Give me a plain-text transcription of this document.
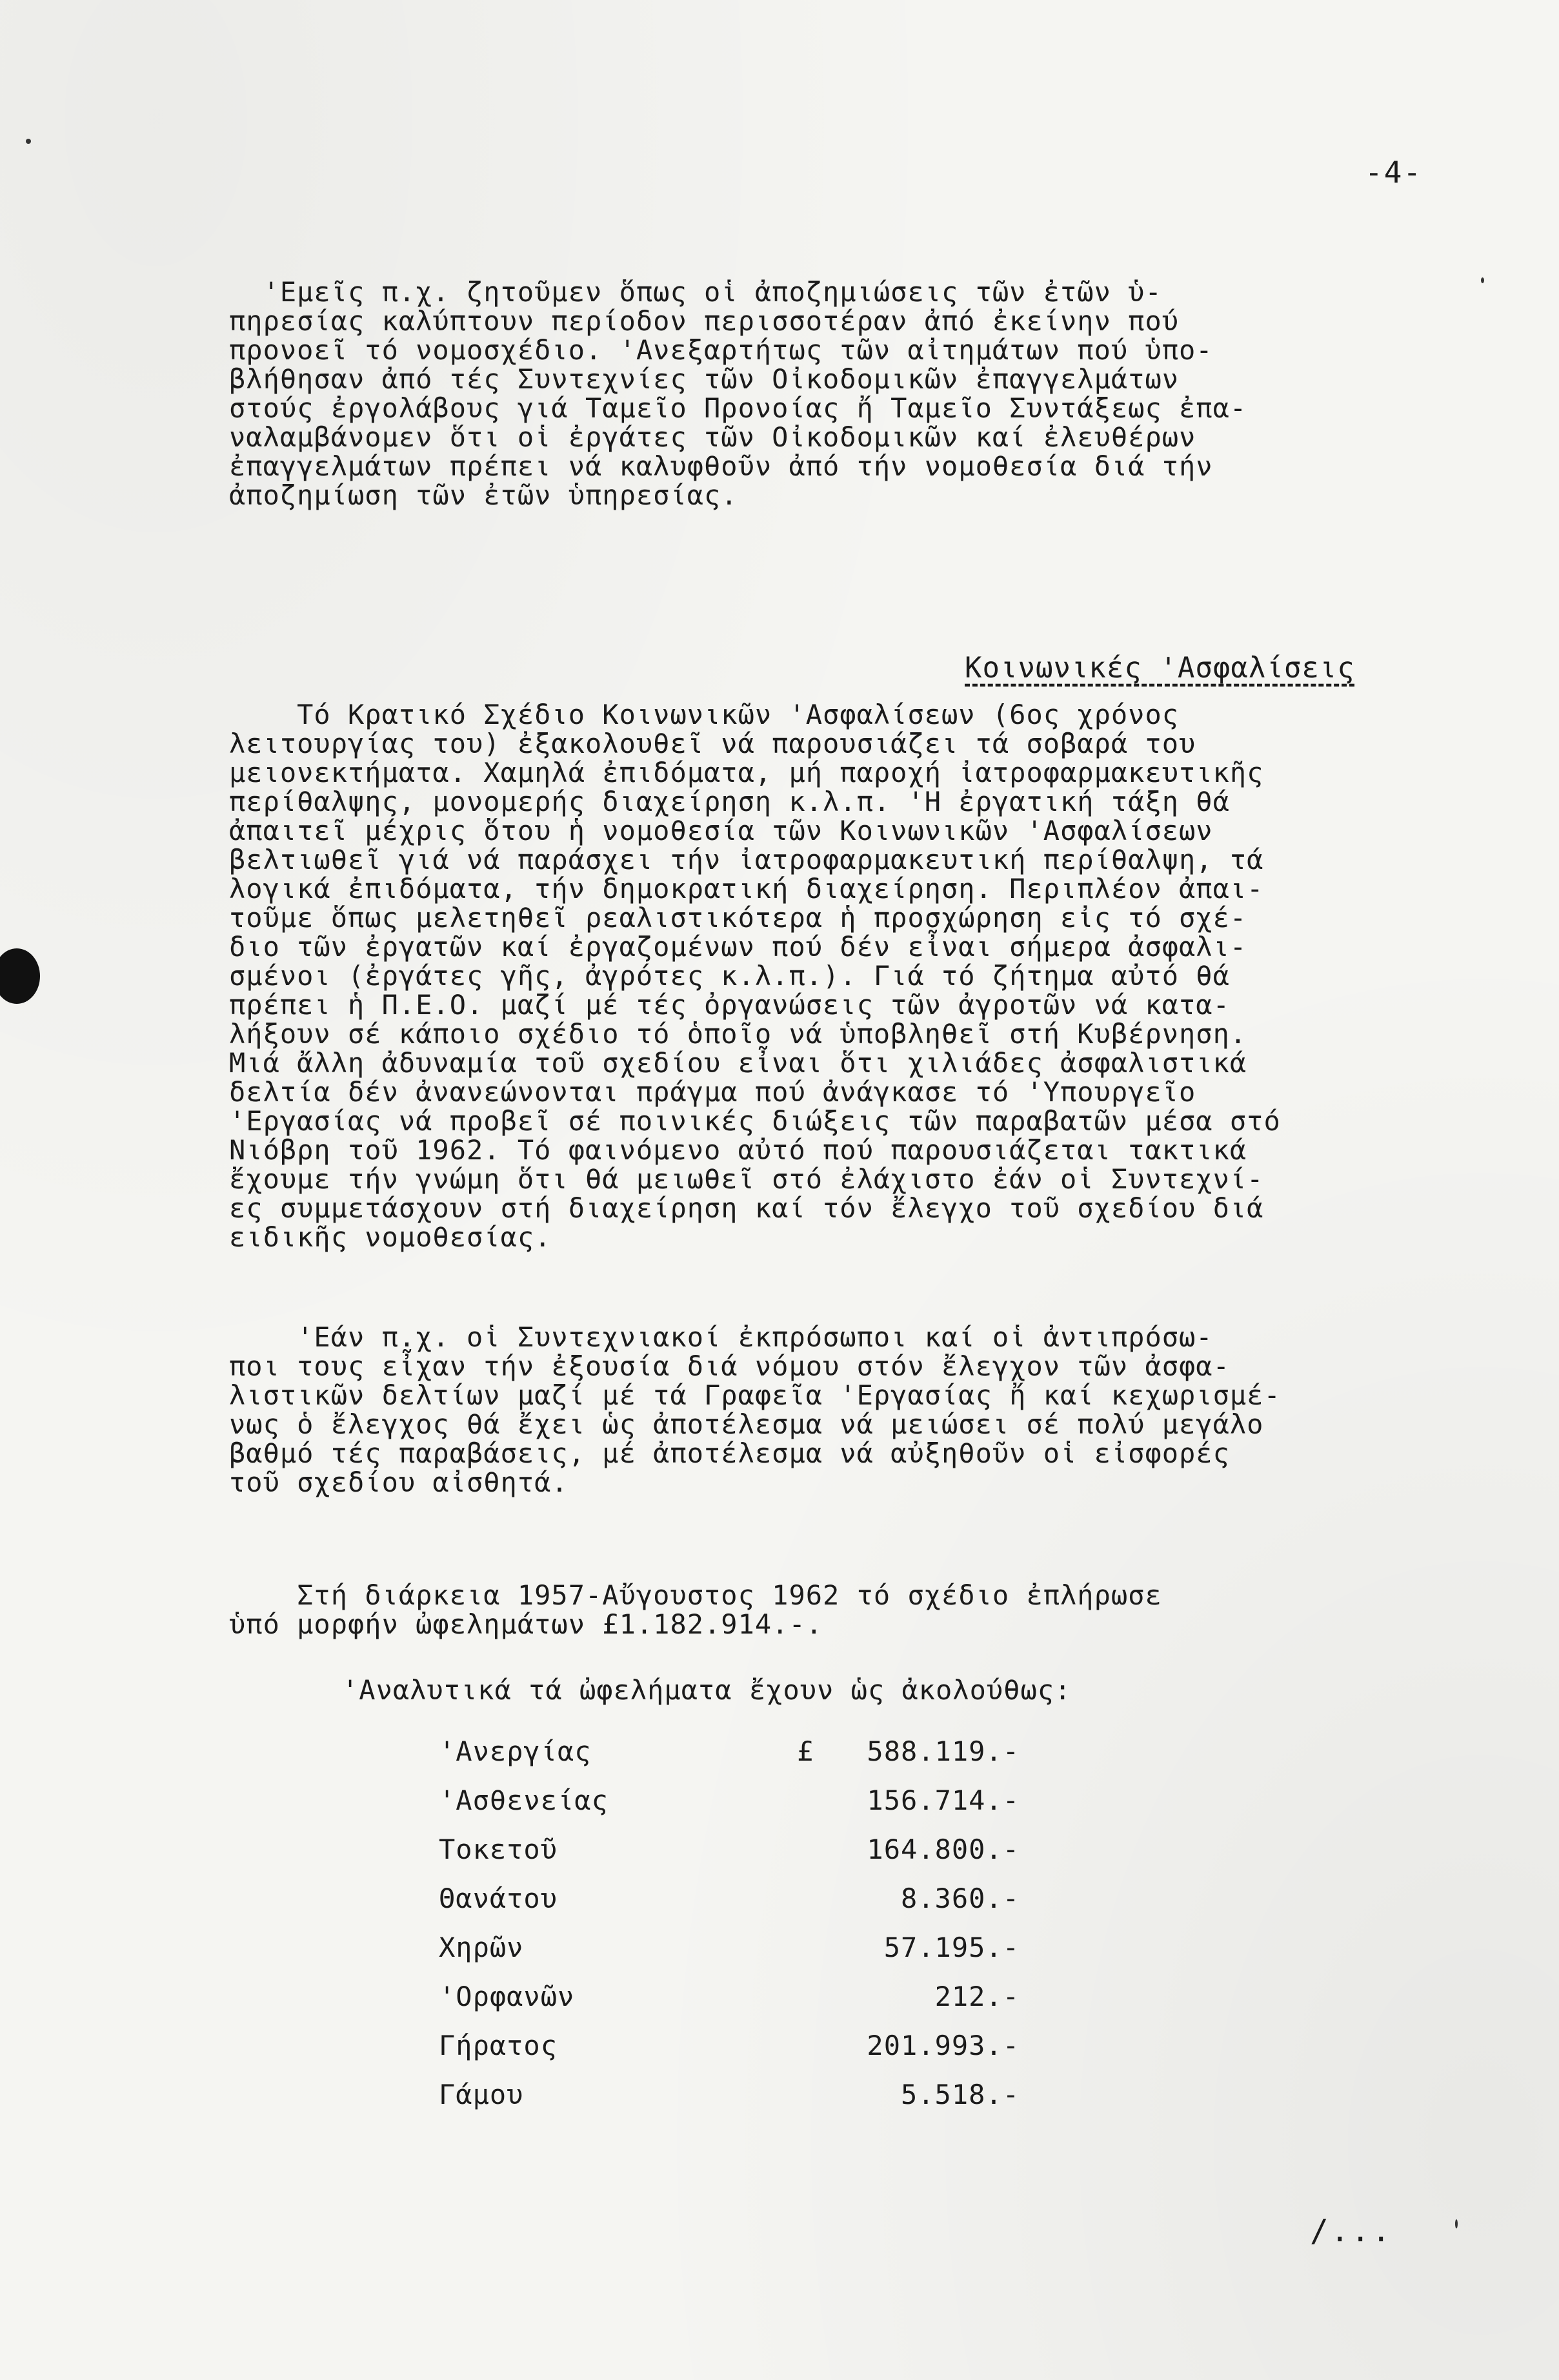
-4-
'Εμεῖς π.χ. ζητοῦμεν ὅπως οἱ ἀποζημιώσεις τῶν ἐτῶν ὑ-
πηρεσίας καλύπτουν περίοδον περισσοτέραν ἀπό ἐκείνην πού
προνοεῖ τό νομοσχέδιο. 'Ανεξαρτήτως τῶν αἰτημάτων πού ὑπο-
βλήθησαν ἀπό τές Συντεχνίες τῶν Οἰκοδομικῶν ἐπαγγελμάτων
στούς ἐργολάβους γιά Ταμεῖο Προνοίας ἤ Ταμεῖο Συντάξεως ἐπα-
ναλαμβάνομεν ὅτι οἱ ἐργάτες τῶν Οἰκοδομικῶν καί ἐλευθέρων
ἐπαγγελμάτων πρέπει νά καλυφθοῦν ἀπό τήν νομοθεσία διά τήν
ἀποζημίωση τῶν ἐτῶν ὑπηρεσίας.
Κοινωνικές 'Ασφαλίσεις
Τό Κρατικό Σχέδιο Κοινωνικῶν 'Ασφαλίσεων (6ος χρόνος
λειτουργίας του) ἐξακολουθεῖ νά παρουσιάζει τά σοβαρά του
μειονεκτήματα. Χαμηλά ἐπιδόματα, μή παροχή ἰατροφαρμακευτικῆς
περίθαλψης, μονομερής διαχείρηση κ.λ.π. 'Η ἐργατική τάξη θά
ἀπαιτεῖ μέχρις ὅτου ἡ νομοθεσία τῶν Κοινωνικῶν 'Ασφαλίσεων
βελτιωθεῖ γιά νά παράσχει τήν ἰατροφαρμακευτική περίθαλψη, τά
λογικά ἐπιδόματα, τήν δημοκρατική διαχείρηση. Περιπλέον ἀπαι-
τοῦμε ὅπως μελετηθεῖ ρεαλιστικότερα ἡ προσχώρηση εἰς τό σχέ-
διο τῶν ἐργατῶν καί ἐργαζομένων πού δέν εἶναι σήμερα ἀσφαλι-
σμένοι (ἐργάτες γῆς, ἀγρότες κ.λ.π.). Γιά τό ζήτημα αὐτό θά
πρέπει ἡ Π.Ε.Ο. μαζί μέ τές ὀργανώσεις τῶν ἀγροτῶν νά κατα-
λήξουν σέ κάποιο σχέδιο τό ὁποῖο νά ὑποβληθεῖ στή Κυβέρνηση.
Μιά ἄλλη ἀδυναμία τοῦ σχεδίου εἶναι ὅτι χιλιάδες ἀσφαλιστικά
δελτία δέν ἀνανεώνονται πράγμα πού ἀνάγκασε τό 'Υπουργεῖο
'Εργασίας νά προβεῖ σέ ποινικές διώξεις τῶν παραβατῶν μέσα στό
Νιόβρη τοῦ 1962. Τό φαινόμενο αὐτό πού παρουσιάζεται τακτικά
ἔχουμε τήν γνώμη ὅτι θά μειωθεῖ στό ἐλάχιστο ἐάν οἱ Συντεχνί-
ες συμμετάσχουν στή διαχείρηση καί τόν ἔλεγχο τοῦ σχεδίου διά
ειδικῆς νομοθεσίας.
'Εάν π.χ. οἱ Συντεχνιακοί ἐκπρόσωποι καί οἱ ἀντιπρόσω-
ποι τους εἶχαν τήν ἐξουσία διά νόμου στόν ἔλεγχον τῶν ἀσφα-
λιστικῶν δελτίων μαζί μέ τά Γραφεῖα 'Εργασίας ἤ καί κεχωρισμέ-
νως ὁ ἔλεγχος θά ἔχει ὡς ἀποτέλεσμα νά μειώσει σέ πολύ μεγάλο
βαθμό τές παραβάσεις, μέ ἀποτέλεσμα νά αὐξηθοῦν οἱ εἰσφορές
τοῦ σχεδίου αἰσθητά.
Στή διάρκεια 1957-Αὔγουστος 1962 τό σχέδιο ἐπλήρωσε
ὑπό μορφήν ὠφελημάτων £1.182.914.-.
'Αναλυτικά τά ὠφελήματα ἔχουν ὡς ἀκολούθως:
'Ανεργίας	£	588.119.-
'Ασθενείας	156.714.-
Τοκετοῦ	164.800.-
Θανάτου	8.360.-
Χηρῶν	57.195.-
'Ορφανῶν	212.-
Γήρατος	201.993.-
Γάμου	5.518.-
/...
